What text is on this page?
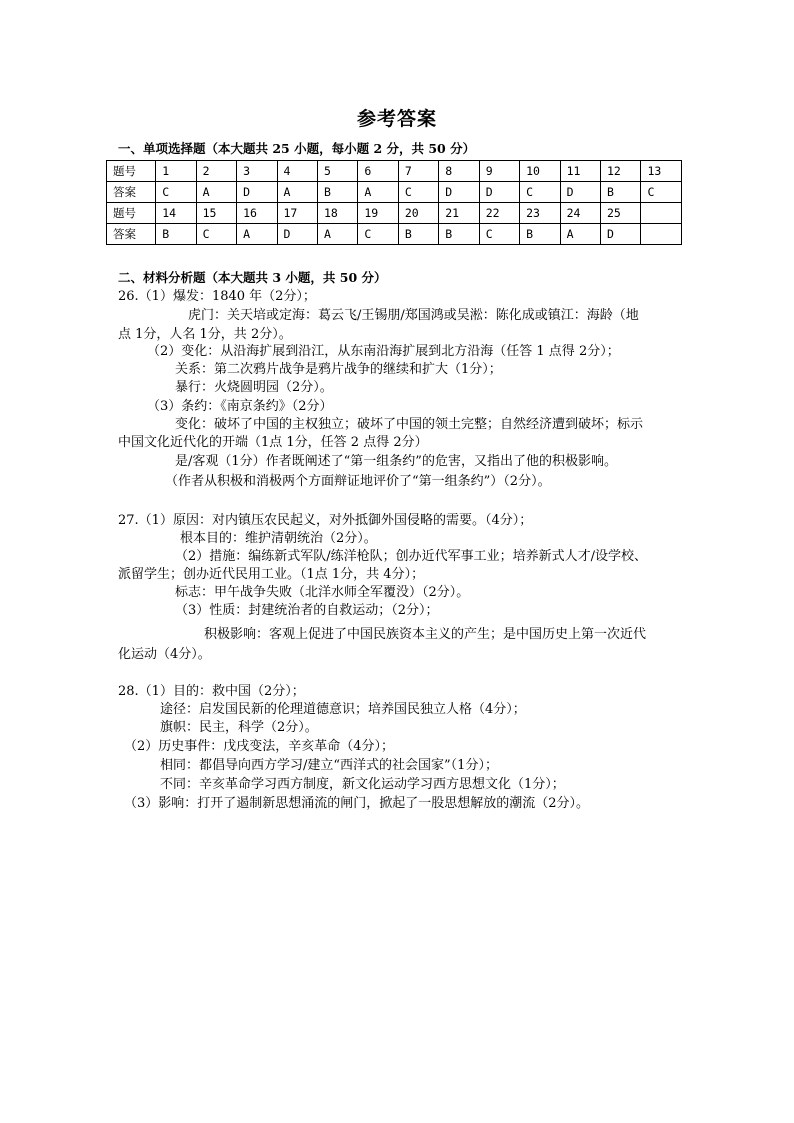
参考答案
一、单项选择题（本大题共 25 小题，每小题 2 分，共 50 分）
题号	1	2	3	4	5	6	7	8	9	10	11	12	13
答案	C	A	D	A	B	A	C	D	D	C	D	B	C
题号	14	15	16	17	18	19	20	21	22	23	24	25	
答案	B	C	A	D	A	C	B	B	C	B	A	D	
二、材料分析题（本大题共 3 小题，共 50 分）
26.（1）爆发：1840 年（2分）；
虎门：关天培或定海：葛云飞/王锡朋/郑国鸿或吴淞：陈化成或镇江：海龄（地
点 1分，人名 1分，共 2分）。
（2）变化：从沿海扩展到沿江，从东南沿海扩展到北方沿海（任答 1 点得 2分）；
关系：第二次鸦片战争是鸦片战争的继续和扩大（1分）；
暴行：火烧圆明园（2分）。
（3）条约：《南京条约》（2分）
变化：破坏了中国的主权独立；破坏了中国的领土完整；自然经济遭到破坏；标示
中国文化近代化的开端（1点 1分，任答 2 点得 2分）
是/客观（1分）作者既阐述了“第一组条约”的危害，又指出了他的积极影响。
（作者从积极和消极两个方面辩证地评价了“第一组条约”）（2分）。
27.（1）原因：对内镇压农民起义，对外抵御外国侵略的需要。（4分）；
根本目的：维护清朝统治（2分）。
（2）措施：编练新式军队/练洋枪队；创办近代军事工业；培养新式人才/设学校、
派留学生；创办近代民用工业。（1点 1分，共 4分）；
标志：甲午战争失败（北洋水师全军覆没）（2分）。
（3）性质：封建统治者的自救运动；（2分）；
积极影响：客观上促进了中国民族资本主义的产生；是中国历史上第一次近代
化运动（4分）。
28.（1）目的：救中国（2分）；
途径：启发国民新的伦理道德意识；培养国民独立人格（4分）；
旗帜：民主，科学（2分）。
（2）历史事件：戊戌变法，辛亥革命（4分）；
相同：都倡导向西方学习/建立“西洋式的社会国家”（1分）；
不同：辛亥革命学习西方制度，新文化运动学习西方思想文化（1分）；
（3）影响：打开了遏制新思想涌流的闸门，掀起了一股思想解放的潮流（2分）。
